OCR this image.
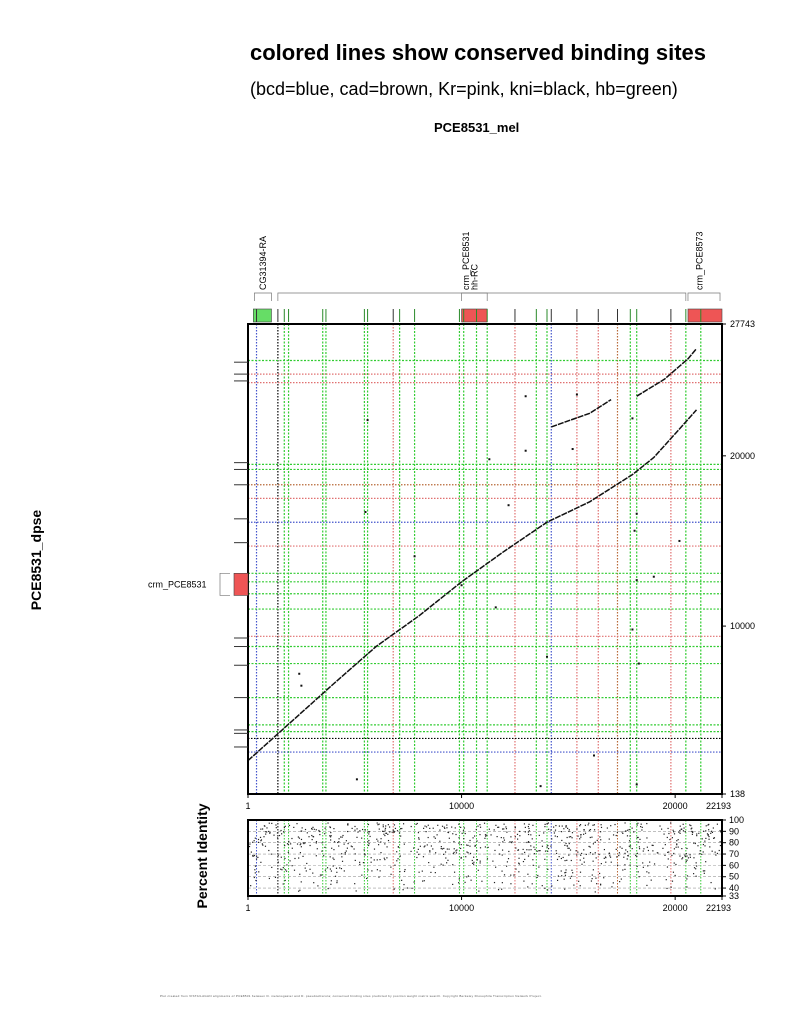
colored lines show conserved binding sites
(bcd=blue, cad=brown, Kr=pink, kni=black, hb=green)
PCE8531_mel
PCE8531_dpse
Percent Identity
Plot created from VISTA/LAGAN alignments of PCE8531 between D. melanogaster and D. pseudoobscura; conserved binding sites predicted by position weight matrix search. Copyright Berkeley Drosophila Transcription Network Project.
CG31394-RA	crm_PCE8531
hh-RC	crm_PCE8573
crm_PCE8531
1	10000	20000 22193
138
10000
20000
27743
100
90
80
70
60
50
40
33
1	10000	20000 22193
